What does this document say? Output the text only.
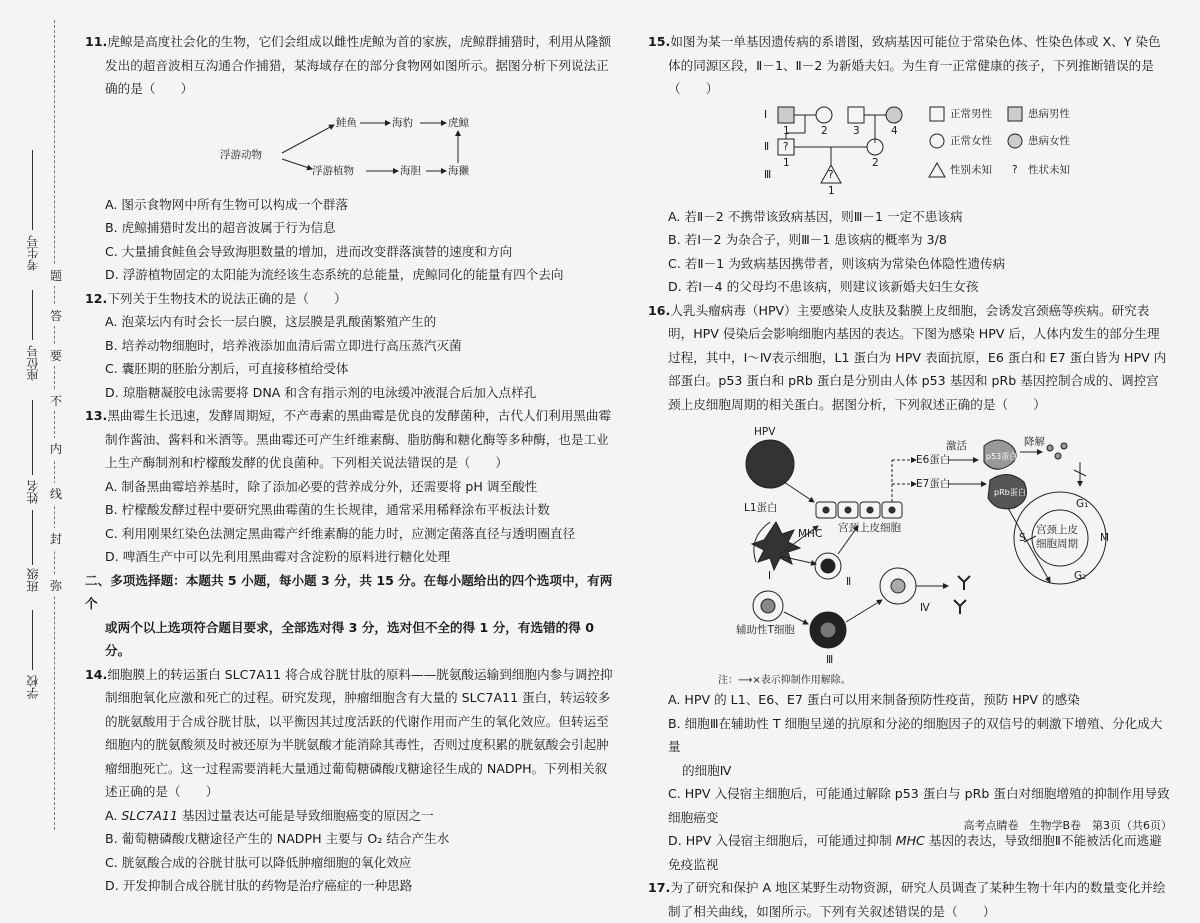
考生号
座位号
姓名
班级
学校
题
答
要
不
内
线
封
弥

11.虎鲸是高度社会化的生物，它们会组成以雌性虎鲸为首的家族，虎鲸群捕猎时，利用从隆额发出的超音波相互沟通合作捕猎，某海域存在的部分食物网如图所示。据图分析下列说法正确的是（　　）

浮游动物
鲑鱼	海豹	虎鲸
浮游植物	海胆	海獭

A. 图示食物网中所有生物可以构成一个群落

B. 虎鲸捕猎时发出的超音波属于行为信息

C. 大量捕食鲑鱼会导致海胆数量的增加，进而改变群落演替的速度和方向

D. 浮游植物固定的太阳能为流经该生态系统的总能量，虎鲸同化的能量有四个去向

12.下列关于生物技术的说法正确的是（　　）

A. 泡菜坛内有时会长一层白膜，这层膜是乳酸菌繁殖产生的

B. 培养动物细胞时，培养液添加血清后需立即进行高压蒸汽灭菌

C. 囊胚期的胚胎分割后，可直接移植给受体

D. 琼脂糖凝胶电泳需要将 DNA 和含有指示剂的电泳缓冲液混合后加入点样孔

13.黑曲霉生长迅速，发酵周期短，不产毒素的黑曲霉是优良的发酵菌种，古代人们利用黑曲霉制作酱油、酱料和米酒等。黑曲霉还可产生纤维素酶、脂肪酶和糖化酶等多种酶，也是工业上生产酶制剂和柠檬酸发酵的优良菌种。下列相关说法错误的是（　　）

A. 制备黑曲霉培养基时，除了添加必要的营养成分外，还需要将 pH 调至酸性

B. 柠檬酸发酵过程中要研究黑曲霉菌的生长规律，通常采用稀释涂布平板法计数

C. 利用刚果红染色法测定黑曲霉产纤维素酶的能力时，应测定菌落直径与透明圈直径

D. 啤酒生产中可以先利用黑曲霉对含淀粉的原料进行糖化处理

二、多项选择题：本题共 5 小题，每小题 3 分，共 15 分。在每小题给出的四个选项中，有两个

或两个以上选项符合题目要求，全部选对得 3 分，选对但不全的得 1 分，有选错的得 0 分。

14.细胞膜上的转运蛋白 SLC7A11 将合成谷胱甘肽的原料——胱氨酸运输到细胞内参与调控抑制细胞氧化应激和死亡的过程。研究发现，肿瘤细胞含有大量的 SLC7A11 蛋白，转运较多的胱氨酸用于合成谷胱甘肽，以平衡因其过度活跃的代谢作用而产生的氧化效应。但转运至细胞内的胱氨酸须及时被还原为半胱氨酸才能消除其毒性，否则过度积累的胱氨酸会引起肿瘤细胞死亡。这一过程需要消耗大量通过葡萄糖磷酸戊糖途径生成的 NADPH。下列相关叙述正确的是（　　）

A. SLC7A11 基因过量表达可能是导致细胞癌变的原因之一

B. 葡萄糖磷酸戊糖途径产生的 NADPH 主要与 O₂ 结合产生水

C. 胱氨酸合成的谷胱甘肽可以降低肿瘤细胞的氧化效应

D. 开发抑制合成谷胱甘肽的药物是治疗癌症的一种思路

15.如图为某一单基因遗传病的系谱图，致病基因可能位于常染色体、性染色体或 X、Y 染色体的同源区段，Ⅱ－1、Ⅱ－2 为新婚夫妇。为生育一正常健康的孩子，下列推断错误的是（　　）

Ⅰ
Ⅱ
Ⅲ
1	2 3	4
?
1	2
?
1
正常男性	患病男性
正常女性	患病女性
性别未知 ? 性状未知

A. 若Ⅱ－2 不携带该致病基因，则Ⅲ－1 一定不患该病

B. 若Ⅰ－2 为杂合子，则Ⅲ－1 患该病的概率为 3/8

C. 若Ⅱ－1 为致病基因携带者，则该病为常染色体隐性遗传病

D. 若Ⅰ－4 的父母均不患该病，则建议该新婚夫妇生女孩

16.人乳头瘤病毒（HPV）主要感染人皮肤及黏膜上皮细胞，会诱发宫颈癌等疾病。研究表明，HPV 侵染后会影响细胞内基因的表达。下图为感染 HPV 后，人体内发生的部分生理过程，其中，Ⅰ～Ⅳ表示细胞，L1 蛋白为 HPV 表面抗原，E6 蛋白和 E7 蛋白皆为 HPV 内部蛋白。p53 蛋白和 pRb 蛋白是分别由人体 p53 基因和 pRb 基因控制合成的、调控宫颈上皮细胞周期的相关蛋白。据图分析，下列叙述正确的是（　　）

HPV
L1蛋白
MHC 宫颈上皮细胞
E6蛋白
E7蛋白
激活	降解
p53蛋白
pRb蛋白
宫颈上皮
细胞周期
G₁
G₂
S	M
Ⅰ	Ⅱ
Ⅲ
Ⅳ
辅助性T细胞

注：⟶×表示抑制作用解除。

A. HPV 的 L1、E6、E7 蛋白可以用来制备预防性疫苗，预防 HPV 的感染

B. 细胞Ⅲ在辅助性 T 细胞呈递的抗原和分泌的细胞因子的双信号的刺激下增殖、分化成大量

的细胞Ⅳ

C. HPV 入侵宿主细胞后，可能通过解除 p53 蛋白与 pRb 蛋白对细胞增殖的抑制作用导致细胞癌变

D. HPV 入侵宿主细胞后，可能通过抑制 MHC 基因的表达，导致细胞Ⅱ不能被活化而逃避免疫监视

17.为了研究和保护 A 地区某野生动物资源，研究人员调查了某种生物十年内的数量变化并绘制了相关曲线，如图所示。下列有关叙述错误的是（　　）

高考点睛卷　生物学B卷　第3页（共6页）
